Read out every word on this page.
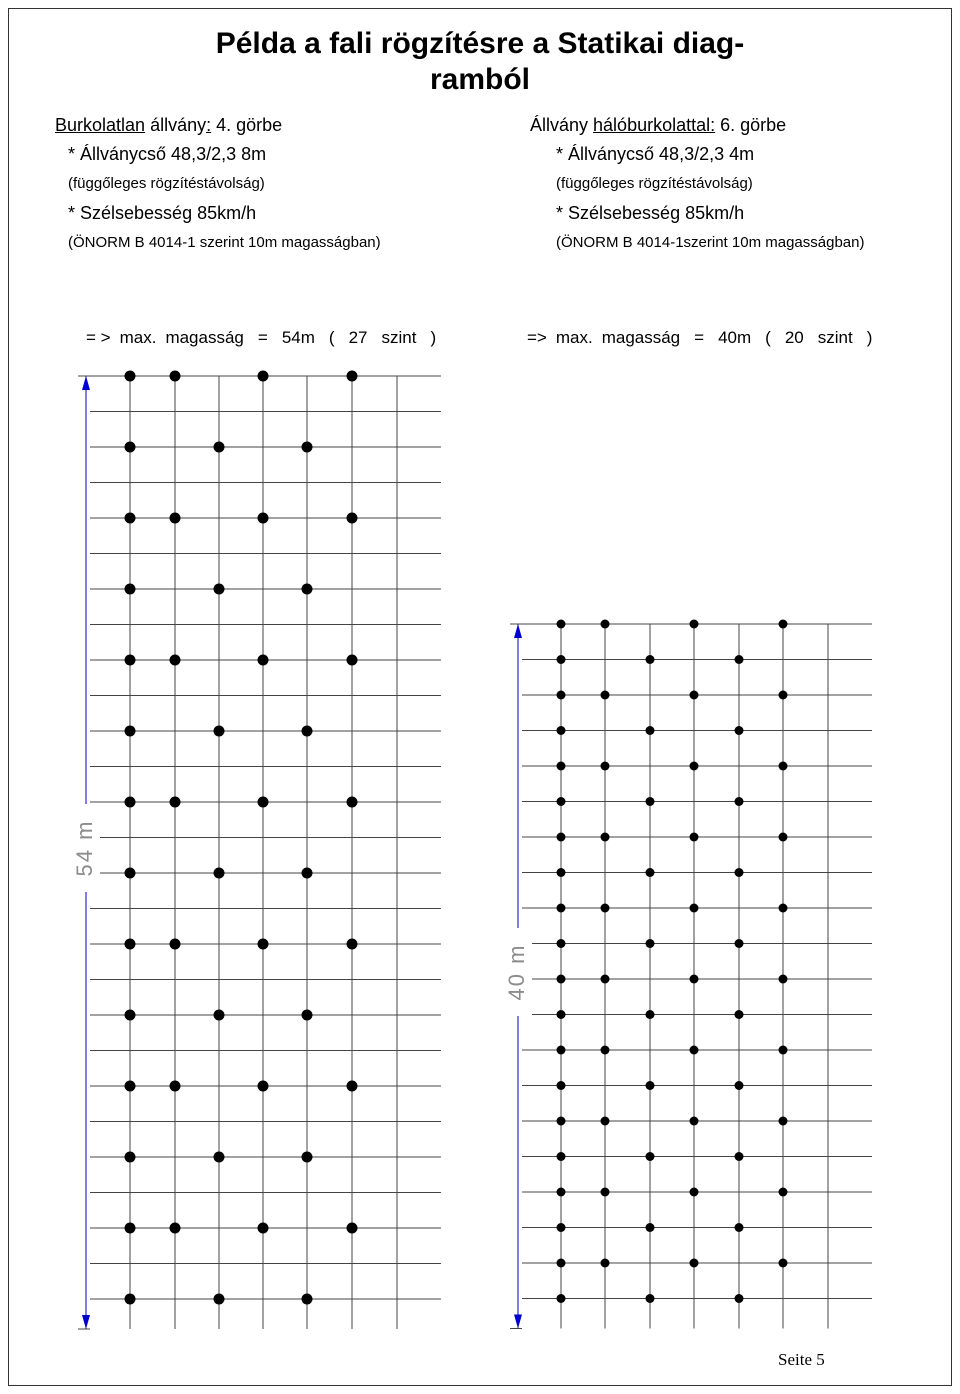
Példa a fali rögzítésre a Statikai diag-
ramból
Burkolatlan állvány: 4. görbe
* Állványcső 48,3/2,3 8m
(függőleges rögzítéstávolság)
* Szélsebesség 85km/h
(ÖNORM B 4014-1 szerint 10m magasságban)
Állvány hálóburkolattal: 6. görbe
* Állványcső 48,3/2,3 4m
(függőleges rögzítéstávolság)
* Szélsebesség 85km/h
(ÖNORM B 4014-1szerint 10m magasságban)
= > max. magasság = 54m ( 27 szint )	=> max. magasság = 40m ( 20 szint )
54 m
40 m
Seite 5
